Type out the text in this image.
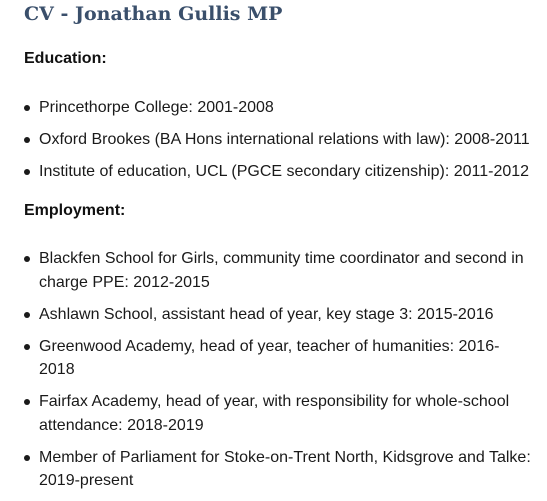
CV - Jonathan Gullis MP
Education:
Princethorpe College: 2001-2008
Oxford Brookes (BA Hons international relations with law): 2008-2011
Institute of education, UCL (PGCE secondary citizenship): 2011-2012
Employment:
Blackfen School for Girls, community time coordinator and second in charge PPE: 2012-2015
Ashlawn School, assistant head of year, key stage 3: 2015-2016
Greenwood Academy, head of year, teacher of humanities: 2016-2018
Fairfax Academy, head of year, with responsibility for whole-school attendance: 2018-2019
Member of Parliament for Stoke-on-Trent North, Kidsgrove and Talke: 2019-present
